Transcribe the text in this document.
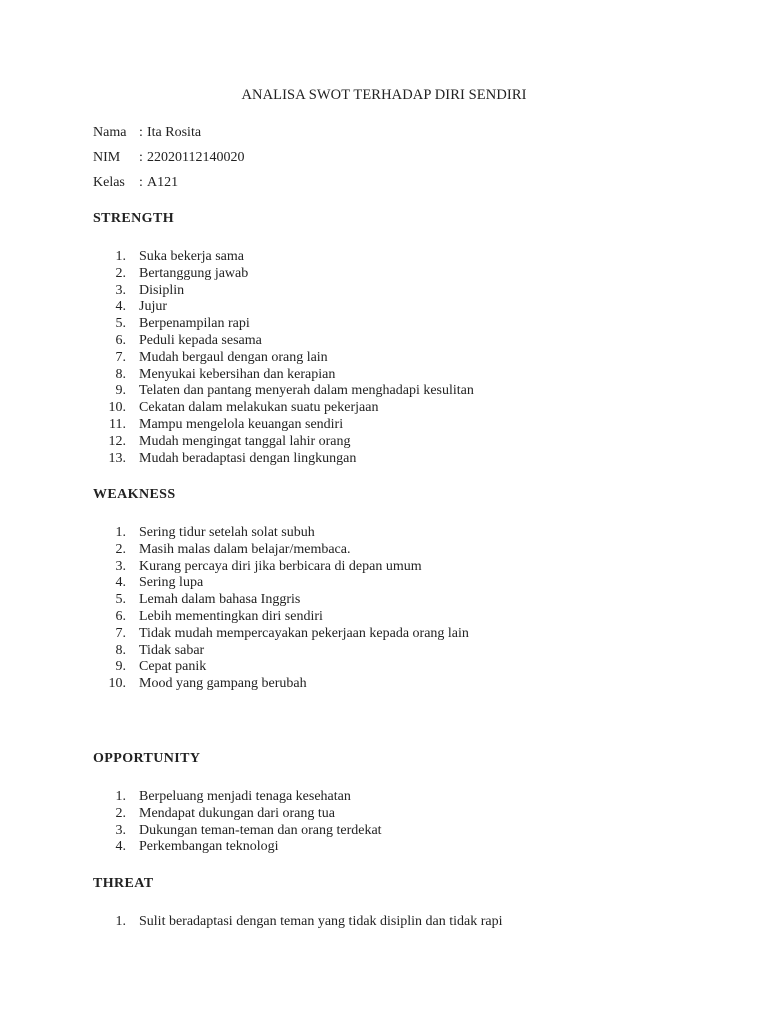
ANALISA SWOT TERHADAP DIRI SENDIRI
Nama : Ita Rosita
NIM : 22020112140020
Kelas : A121
STRENGTH
1. Suka bekerja sama
2. Bertanggung jawab
3. Disiplin
4. Jujur
5. Berpenampilan rapi
6. Peduli kepada sesama
7. Mudah bergaul dengan orang lain
8. Menyukai kebersihan dan kerapian
9. Telaten dan pantang menyerah dalam menghadapi kesulitan
10. Cekatan dalam melakukan suatu pekerjaan
11. Mampu mengelola keuangan sendiri
12. Mudah mengingat tanggal lahir orang
13. Mudah beradaptasi dengan lingkungan
WEAKNESS
1. Sering tidur setelah solat subuh
2. Masih malas dalam belajar/membaca.
3. Kurang percaya diri jika berbicara di depan umum
4. Sering lupa
5. Lemah dalam bahasa Inggris
6. Lebih mementingkan diri sendiri
7. Tidak mudah mempercayakan pekerjaan kepada orang lain
8. Tidak sabar
9. Cepat panik
10. Mood yang gampang berubah
OPPORTUNITY
1. Berpeluang menjadi tenaga kesehatan
2. Mendapat dukungan dari orang tua
3. Dukungan teman-teman dan orang terdekat
4. Perkembangan teknologi
THREAT
1. Sulit beradaptasi dengan teman yang tidak disiplin dan tidak rapi
